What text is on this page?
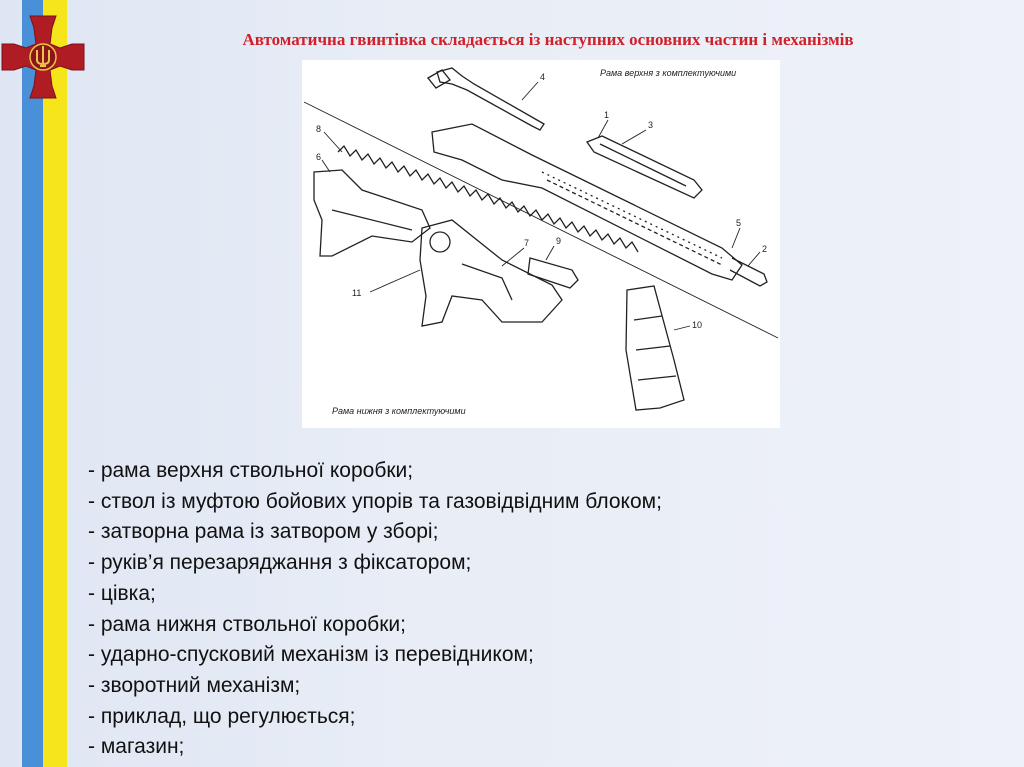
Автоматична гвинтівка складається із наступних основних частин і механізмів
Рама верхня з комплектуючими
Рама нижня з комплектуючими
1
2
3
4
5
6
7
8
9
10
11
- рама верхня ствольної коробки;
- ствол із муфтою бойових упорів та газовідвідним блоком;
- затворна рама із затвором у зборі;
- руків’я перезаряджання з фіксатором;
- цівка;
- рама нижня ствольної коробки;
- ударно-спусковий механізм із перевідником;
- зворотний механізм;
- приклад, що регулюється;
- магазин;
